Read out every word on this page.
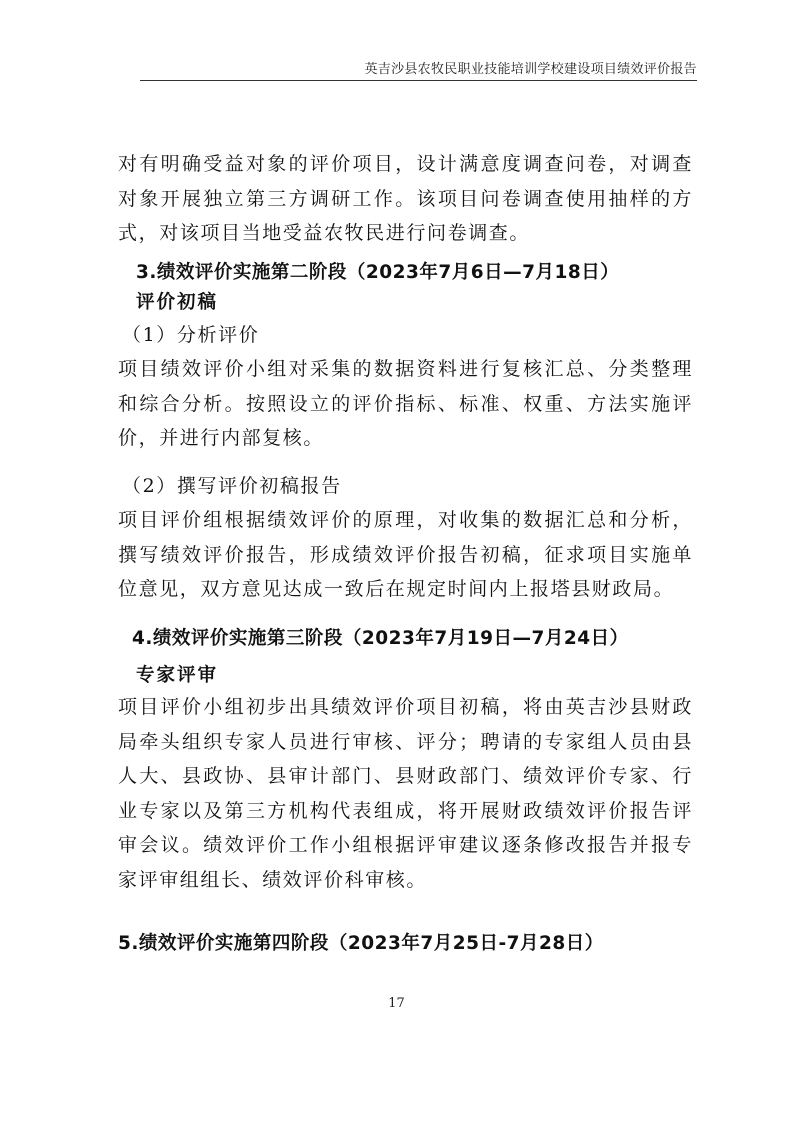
英吉沙县农牧民职业技能培训学校建设项目绩效评价报告

对有明确受益对象的评价项目，设计满意度调查问卷，对调查对象开展独立第三方调研工作。该项目问卷调查使用抽样的方式，对该项目当地受益农牧民进行问卷调查。

3.绩效评价实施第二阶段（2023年7月6日—7月18日）
评价初稿
（1）分析评价

项目绩效评价小组对采集的数据资料进行复核汇总、分类整理和综合分析。按照设立的评价指标、标准、权重、方法实施评价，并进行内部复核。

（2）撰写评价初稿报告

项目评价组根据绩效评价的原理，对收集的数据汇总和分析，撰写绩效评价报告，形成绩效评价报告初稿，征求项目实施单位意见，双方意见达成一致后在规定时间内上报塔县财政局。

4.绩效评价实施第三阶段（2023年7月19日—7月24日）
专家评审

项目评价小组初步出具绩效评价项目初稿，将由英吉沙县财政局牵头组织专家人员进行审核、评分；聘请的专家组人员由县人大、县政协、县审计部门、县财政部门、绩效评价专家、行业专家以及第三方机构代表组成，将开展财政绩效评价报告评审会议。绩效评价工作小组根据评审建议逐条修改报告并报专家评审组组长、绩效评价科审核。

5.绩效评价实施第四阶段（2023年7月25日-7月28日）
17
